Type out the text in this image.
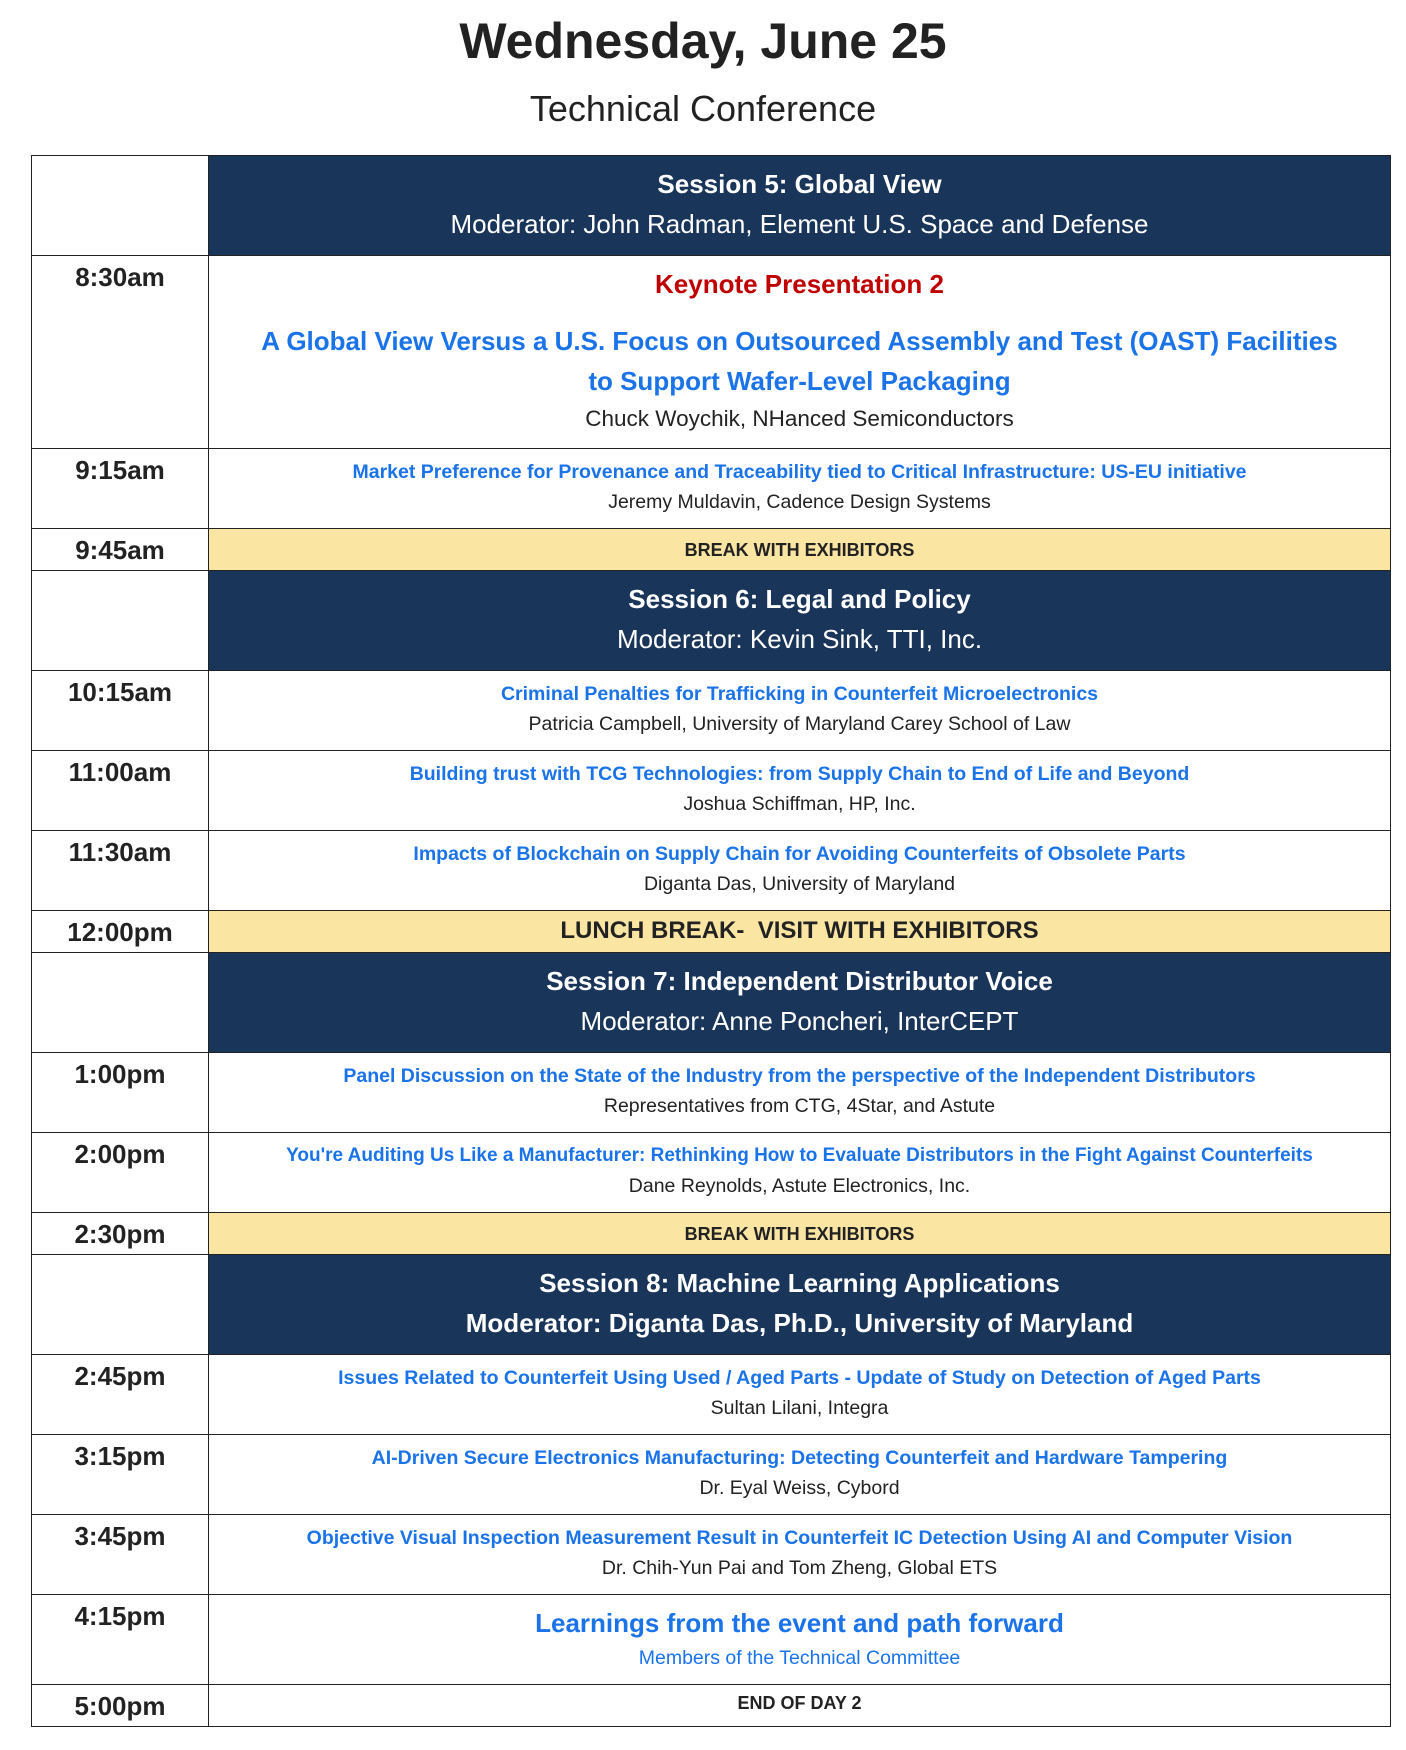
Wednesday, June 25
Technical Conference

	Session 5: Global View
Moderator: John Radman, Element U.S. Space and Defense

8:30am	Keynote Presentation 2
A Global View Versus a U.S. Focus on Outsourced Assembly and Test (OAST) Facilities
to Support Wafer-Level Packaging
Chuck Woychik, NHanced Semiconductors

9:15am	Market Preference for Provenance and Traceability tied to Critical Infrastructure: US-EU initiative
Jeremy Muldavin, Cadence Design Systems

9:45am	BREAK WITH EXHIBITORS

	Session 6: Legal and Policy
Moderator: Kevin Sink, TTI, Inc.

10:15am	Criminal Penalties for Trafficking in Counterfeit Microelectronics
Patricia Campbell, University of Maryland Carey School of Law

11:00am	Building trust with TCG Technologies: from Supply Chain to End of Life and Beyond
Joshua Schiffman, HP, Inc.

11:30am	Impacts of Blockchain on Supply Chain for Avoiding Counterfeits of Obsolete Parts
Diganta Das, University of Maryland

12:00pm	LUNCH BREAK-  VISIT WITH EXHIBITORS

	Session 7: Independent Distributor Voice
Moderator: Anne Poncheri, InterCEPT

1:00pm	Panel Discussion on the State of the Industry from the perspective of the Independent Distributors
Representatives from CTG, 4Star, and Astute

2:00pm	You're Auditing Us Like a Manufacturer: Rethinking How to Evaluate Distributors in the Fight Against Counterfeits
Dane Reynolds, Astute Electronics, Inc.

2:30pm	BREAK WITH EXHIBITORS

	Session 8: Machine Learning Applications
Moderator: Diganta Das, Ph.D., University of Maryland

2:45pm	Issues Related to Counterfeit Using Used / Aged Parts - Update of Study on Detection of Aged Parts
Sultan Lilani, Integra

3:15pm	AI-Driven Secure Electronics Manufacturing: Detecting Counterfeit and Hardware Tampering
Dr. Eyal Weiss, Cybord

3:45pm	Objective Visual Inspection Measurement Result in Counterfeit IC Detection Using AI and Computer Vision
Dr. Chih-Yun Pai and Tom Zheng, Global ETS

4:15pm	Learnings from the event and path forward
Members of the Technical Committee

5:00pm	END OF DAY 2
